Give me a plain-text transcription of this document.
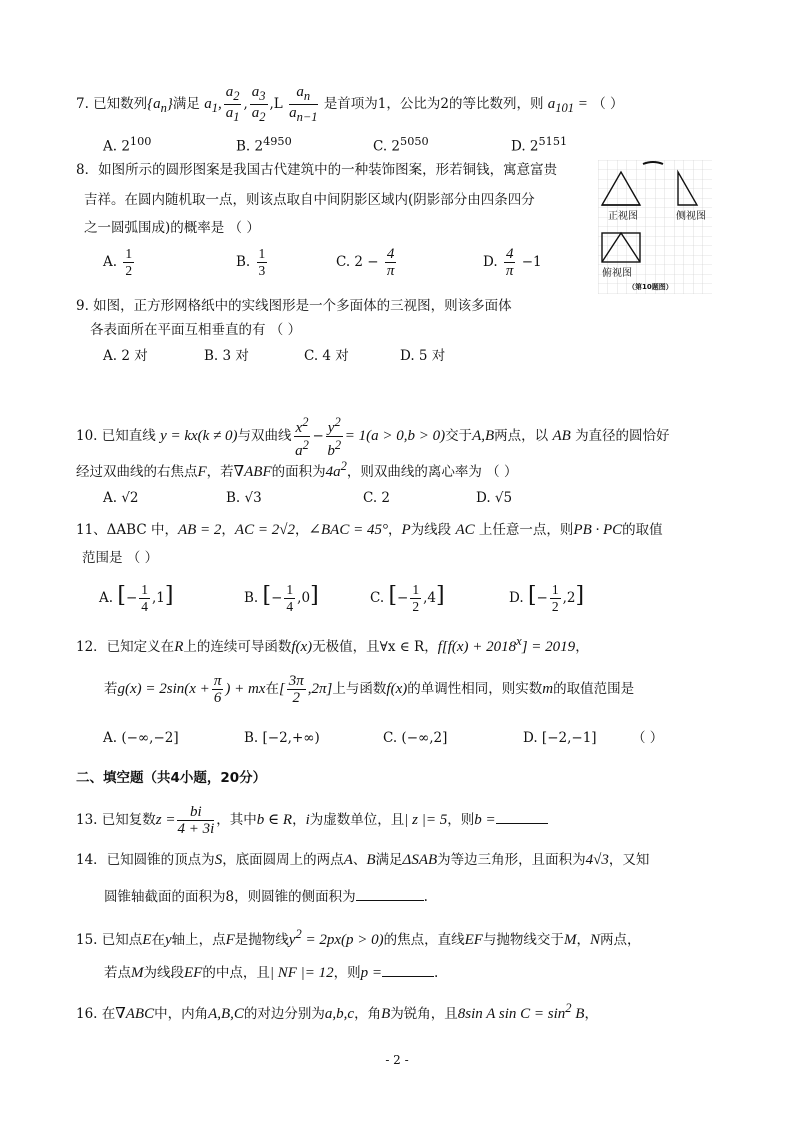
7. 已知数列$\{a_n\}$满足 $a_1$, $\frac{a_2}{a_1}$ , $\frac{a_3}{a_2} ,L \frac{a_n}{a_{n-1}}$ 是首项为1，公比为2的等比数列，则 $a_{101}$ = （ ）
A. $2^{100}$	B. $2^{4950}$	C. $2^{5050}$	D. $2^{5151}$
8．如图所示的圆形图案是我国古代建筑中的一种装饰图案，形若铜钱，寓意富贵
吉祥。在圆内随机取一点，则该点取自中间阴影区域内(阴影部分由四条四分
之一圆弧围成)的概率是 （ ）
A. $\frac{1}{2}$	B. $\frac{1}{3}$	C. $2 - \frac{4}{\pi}$	D. $\frac{4}{\pi} -1$
正视图	侧视图
俯视图
（第10题图）
9. 如图，正方形网格纸中的实线图形是一个多面体的三视图，则该多面体
各表面所在平面互相垂直的有 （ ）
A. 2 对	B. 3 对	C. 4 对	D. 5 对
10. 已知直线 y = kx(k ≠ 0)与双曲线 $\frac{x^2}{a^2} - \frac{y^2}{b^2} = 1(a > 0,b > 0)$交于A,B两点，以 AB 为直径的圆恰好
经过双曲线的右焦点F，若∇ABF的面积为$4a^2$，则双曲线的离心率为 （ ）
A. √2	B. √3	C. 2	D. √5
11、ΔABC 中，AB = 2，AC = 2√2，∠BAC = 45°，P为线段 AC 上任意一点，则PB · PC的取值
范围是 （ ）
A. [− $\frac{1}{4} ,1$]	B. [− $\frac{1}{4} ,0$]	C. [− $\frac{1}{2} ,4$]	D. [− $\frac{1}{2} ,2$]
12．已知定义在R上的连续可导函数f(x)无极值，且∀x ∈ R，$f[f(x) + 2018^x] = 2019$，
若$g(x) = 2\sin(x + \frac{\pi}{6}$ ) + mx在[ $\frac{3\pi}{2} ,2\pi$]上与函数f(x)的单调性相同，则实数m的取值范围是
A. (−∞,−2]	B. [−2,+∞)	C. (−∞,2]	D. [−2,−1]	（ ）
二、填空题（共4小题，20分）
13. 已知复数$z = \frac{bi}{4 + 3i}$ ，其中b ∈ R，i为虚数单位，且| z |= 5，则b =
14．已知圆锥的顶点为S，底面圆周上的两点A、B满足ΔSAB为等边三角形，且面积为4√3，又知
圆锥轴截面的面积为8，则圆锥的侧面积为	.
15. 已知点E在y轴上，点F是抛物线$y^2 = 2px(p > 0)$的焦点，直线EF与抛物线交于M，N两点，
若点M为线段EF的中点，且| NF |= 12，则p =	.
16. 在∇ABC中，内角A,B,C的对边分别为a,b,c，角B为锐角，且8sin A $\sin C = \sin^2 B$，
- 2 -
